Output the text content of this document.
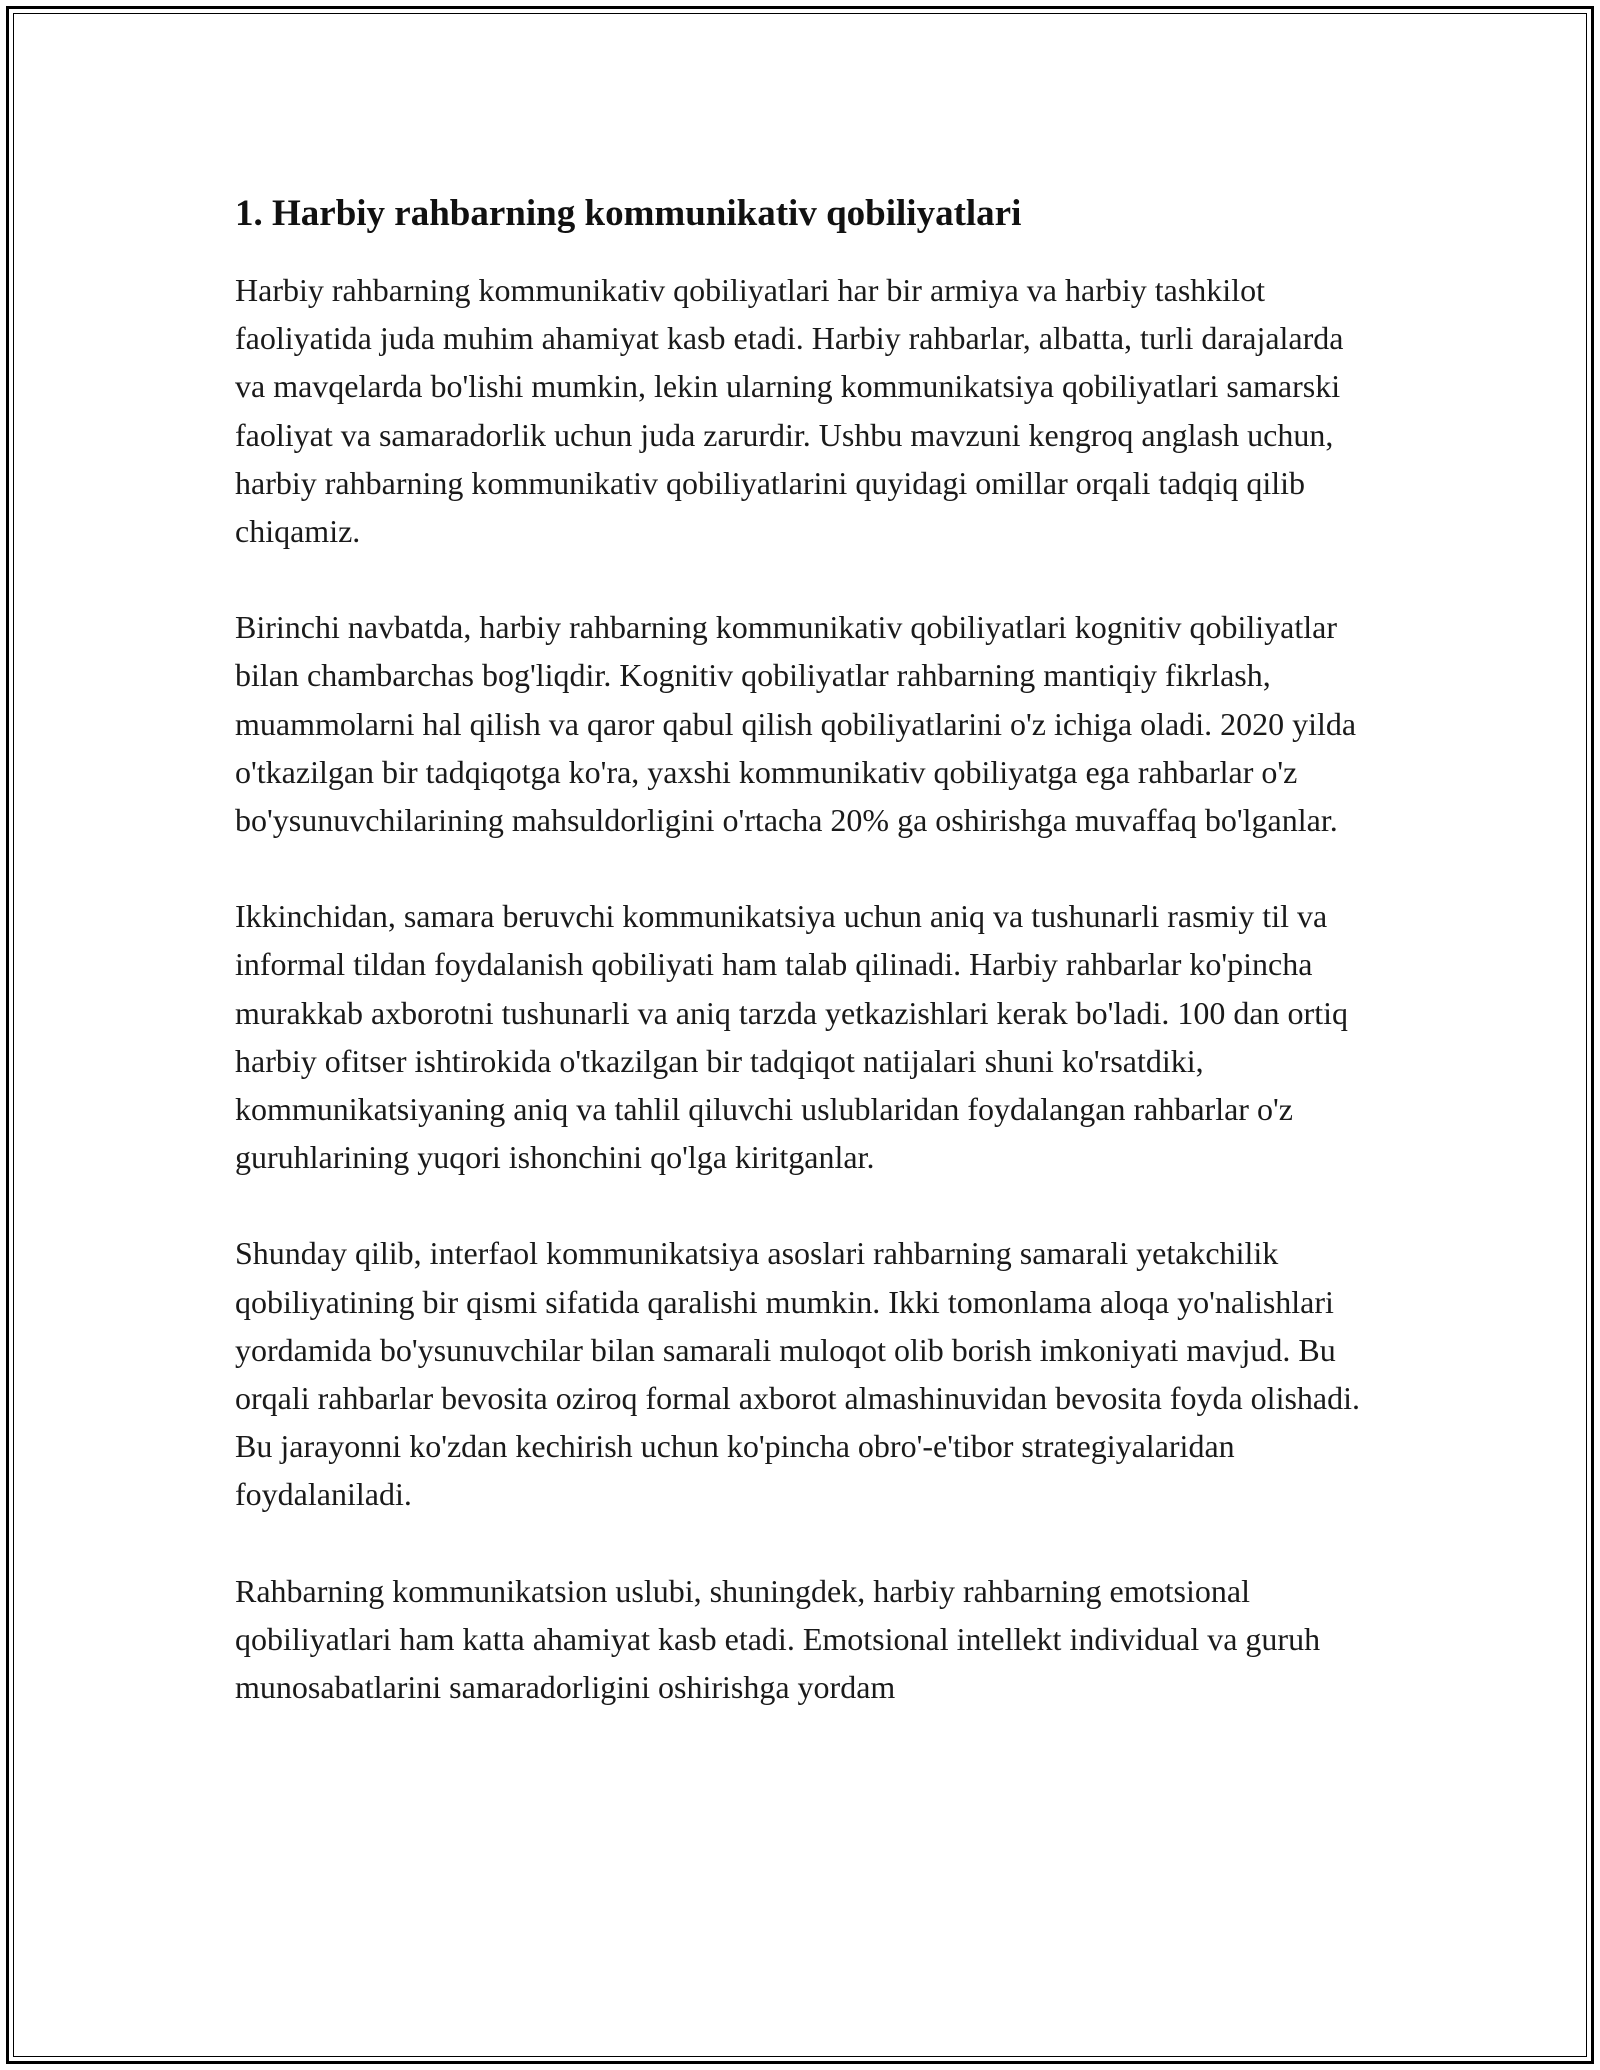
1. Harbiy rahbarning kommunikativ qobiliyatlari

Harbiy rahbarning kommunikativ qobiliyatlari har bir armiya va harbiy tashkilot faoliyatida juda muhim ahamiyat kasb etadi. Harbiy rahbarlar, albatta, turli darajalarda va mavqelarda bo'lishi mumkin, lekin ularning kommunikatsiya qobiliyatlari samarski faoliyat va samaradorlik uchun juda zarurdir. Ushbu mavzuni kengroq anglash uchun, harbiy rahbarning kommunikativ qobiliyatlarini quyidagi omillar orqali tadqiq qilib chiqamiz.

Birinchi navbatda, harbiy rahbarning kommunikativ qobiliyatlari kognitiv qobiliyatlar bilan chambarchas bog'liqdir. Kognitiv qobiliyatlar rahbarning mantiqiy fikrlash, muammolarni hal qilish va qaror qabul qilish qobiliyatlarini o'z ichiga oladi. 2020 yilda o'tkazilgan bir tadqiqotga ko'ra, yaxshi kommunikativ qobiliyatga ega rahbarlar o'z bo'ysunuvchilarining mahsuldorligini o'rtacha 20% ga oshirishga muvaffaq bo'lganlar.

Ikkinchidan, samara beruvchi kommunikatsiya uchun aniq va tushunarli rasmiy til va informal tildan foydalanish qobiliyati ham talab qilinadi. Harbiy rahbarlar ko'pincha murakkab axborotni tushunarli va aniq tarzda yetkazishlari kerak bo'ladi. 100 dan ortiq harbiy ofitser ishtirokida o'tkazilgan bir tadqiqot natijalari shuni ko'rsatdiki, kommunikatsiyaning aniq va tahlil qiluvchi uslublaridan foydalangan rahbarlar o'z guruhlarining yuqori ishonchini qo'lga kiritganlar.

Shunday qilib, interfaol kommunikatsiya asoslari rahbarning samarali yetakchilik qobiliyatining bir qismi sifatida qaralishi mumkin. Ikki tomonlama aloqa yo'nalishlari yordamida bo'ysunuvchilar bilan samarali muloqot olib borish imkoniyati mavjud. Bu orqali rahbarlar bevosita oziroq formal axborot almashinuvidan bevosita foyda olishadi. Bu jarayonni ko'zdan kechirish uchun ko'pincha obro'-e'tibor strategiyalaridan foydalaniladi.

Rahbarning kommunikatsion uslubi, shuningdek, harbiy rahbarning emotsional qobiliyatlari ham katta ahamiyat kasb etadi. Emotsional intellekt individual va guruh munosabatlarini samaradorligini oshirishga yordam
